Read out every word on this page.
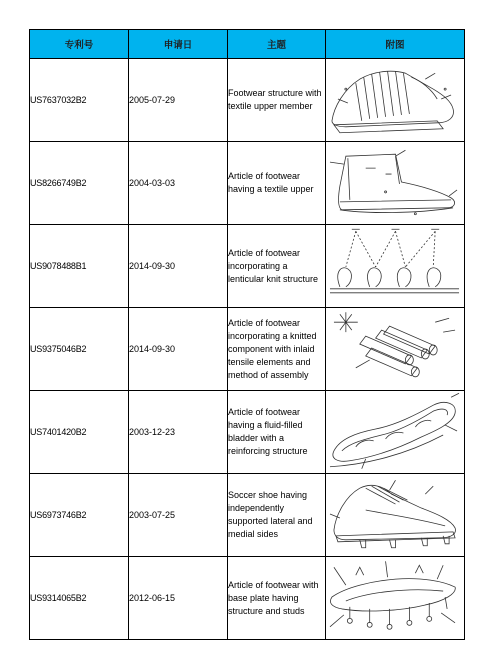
专利号	申请日	主题	附图
US7637032B2	2005-07-29	Footwear structure with textile upper member	

US8266749B2	2004-03-03	Article of footwear having a textile upper	

US9078488B1	2014-09-30	Article of footwear incorporating a lenticular knit structure	

US9375046B2	2014-09-30	Article of footwear incorporating a knitted component with inlaid tensile elements and method of assembly	

US7401420B2	2003-12-23	Article of footwear having a fluid-filled bladder with a reinforcing structure	

US6973746B2	2003-07-25	Soccer shoe having independently supported lateral and medial sides	

US9314065B2	2012-06-15	Article of footwear with base plate having structure and studs	
